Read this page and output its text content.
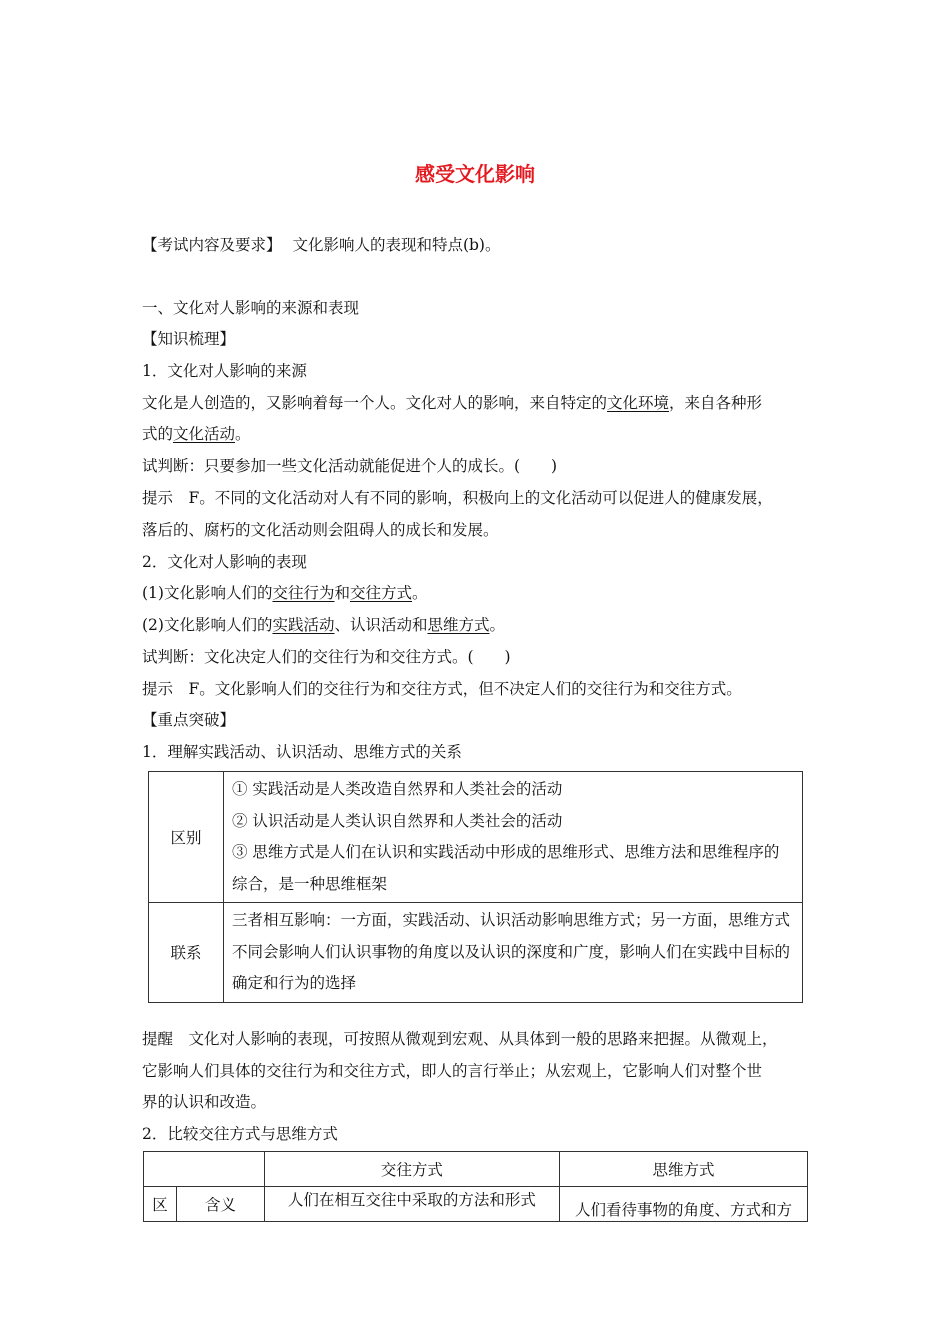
感受文化影响
【考试内容及要求】 文化影响人的表现和特点(b)。
一、文化对人影响的来源和表现
【知识梳理】
1．文化对人影响的来源
文化是人创造的，又影响着每一个人。文化对人的影响，来自特定的文化环境，来自各种形
式的文化活动。
试判断：只要参加一些文化活动就能促进个人的成长。(　　)
提示　F。不同的文化活动对人有不同的影响，积极向上的文化活动可以促进人的健康发展，
落后的、腐朽的文化活动则会阻碍人的成长和发展。
2．文化对人影响的表现
(1)文化影响人们的交往行为和交往方式。
(2)文化影响人们的实践活动、认识活动和思维方式。
试判断：文化决定人们的交往行为和交往方式。(　　)
提示　F。文化影响人们的交往行为和交往方式，但不决定人们的交往行为和交往方式。
【重点突破】
1．理解实践活动、认识活动、思维方式的关系
区别	① 实践活动是人类改造自然界和人类社会的活动
② 认识活动是人类认识自然界和人类社会的活动
③ 思维方式是人们在认识和实践活动中形成的思维形式、思维方法和思维程序的综合，是一种思维框架

联系	三者相互影响：一方面，实践活动、认识活动影响思维方式；另一方面，思维方式不同会影响人们认识事物的角度以及认识的深度和广度，影响人们在实践中目标的确定和行为的选择
提醒　文化对人影响的表现，可按照从微观到宏观、从具体到一般的思路来把握。从微观上，
它影响人们具体的交往行为和交往方式，即人的言行举止；从宏观上，它影响人们对整个世
界的认识和改造。
2．比较交往方式与思维方式
		交往方式	思维方式
区	含义	人们在相互交往中采取的方法和形式	人们看待事物的角度、方式和方
